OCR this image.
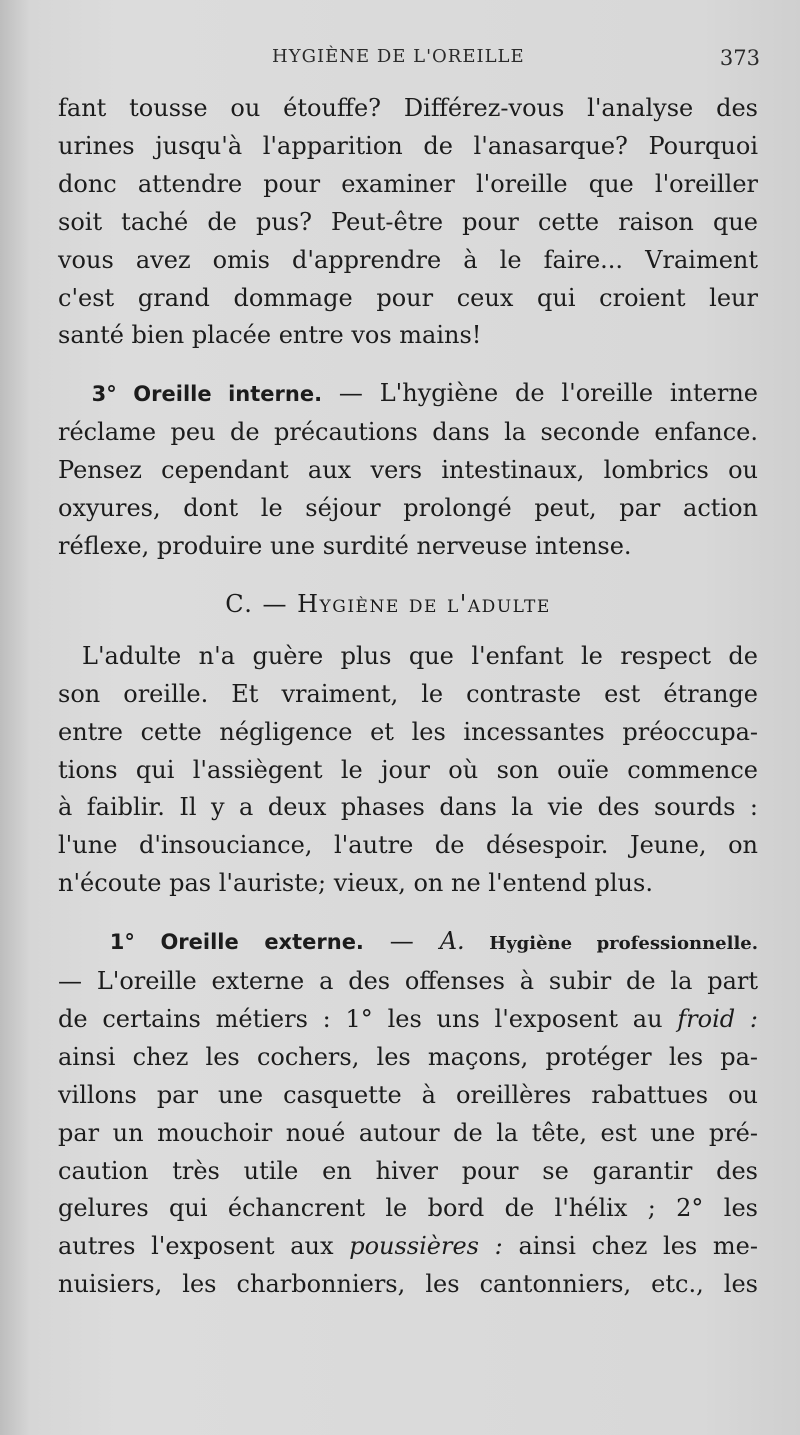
HYGIÈNE DE L'OREILLE	373

fant tousse ou étouffe? Différez-vous l'analyse des

urines jusqu'à l'apparition de l'anasarque? Pourquoi

donc attendre pour examiner l'oreille que l'oreiller

soit taché de pus? Peut-être pour cette raison que

vous avez omis d'apprendre à le faire... Vraiment

c'est grand dommage pour ceux qui croient leur

santé bien placée entre vos mains!

3° Oreille interne. — L'hygiène de l'oreille interne

réclame peu de précautions dans la seconde enfance.

Pensez cependant aux vers intestinaux, lombrics ou

oxyures, dont le séjour prolongé peut, par action

réflexe, produire une surdité nerveuse intense.

C. — Hygiène de l'adulte

L'adulte n'a guère plus que l'enfant le respect de

son oreille. Et vraiment, le contraste est étrange

entre cette négligence et les incessantes préoccupa-

tions qui l'assiègent le jour où son ouïe commence

à faiblir. Il y a deux phases dans la vie des sourds :

l'une d'insouciance, l'autre de désespoir. Jeune, on

n'écoute pas l'auriste; vieux, on ne l'entend plus.

1° Oreille externe. — A. Hygiène professionnelle.

— L'oreille externe a des offenses à subir de la part

de certains métiers : 1° les uns l'exposent au froid :

ainsi chez les cochers, les maçons, protéger les pa-

villons par une casquette à oreillères rabattues ou

par un mouchoir noué autour de la tête, est une pré-

caution très utile en hiver pour se garantir des

gelures qui échancrent le bord de l'hélix ; 2° les

autres l'exposent aux poussières : ainsi chez les me-

nuisiers, les charbonniers, les cantonniers, etc., les
